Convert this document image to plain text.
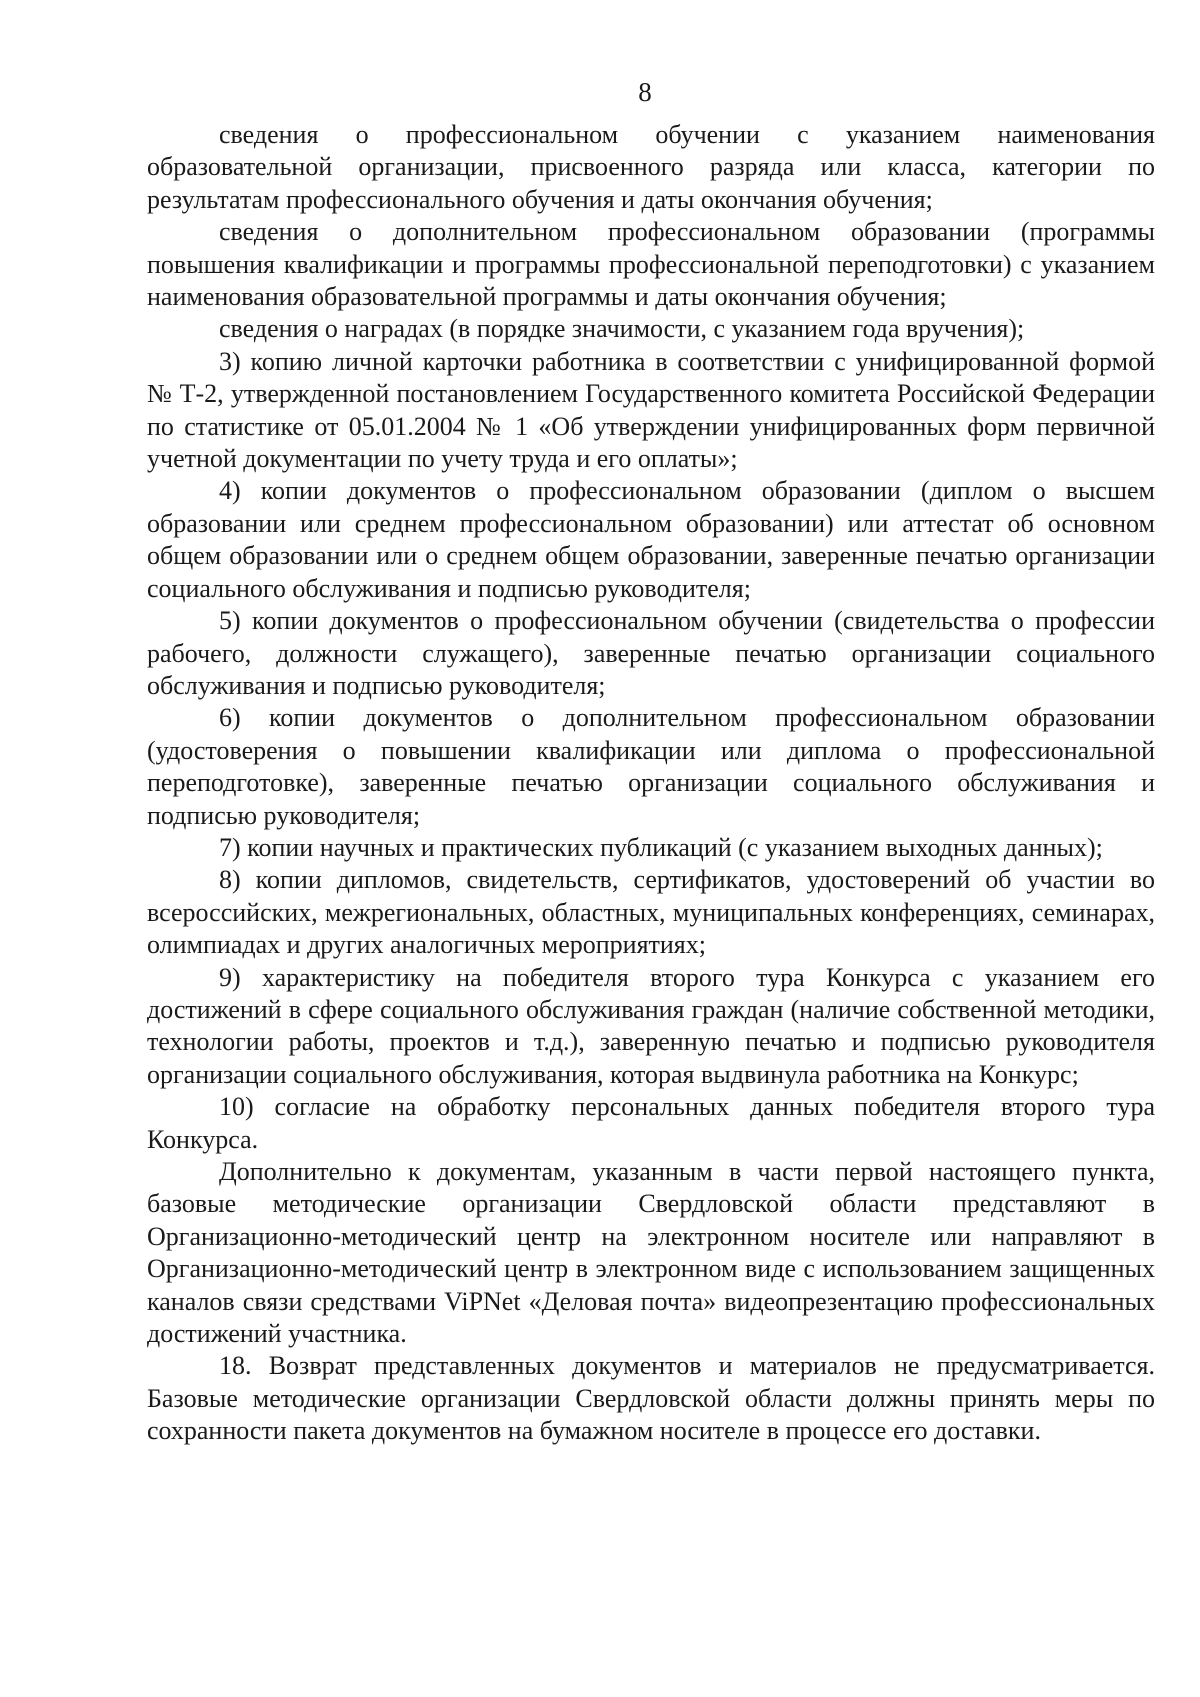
8

сведения о профессиональном обучении с указанием наименования образовательной организации, присвоенного разряда или класса, категории по результатам профессионального обучения и даты окончания обучения;

сведения о дополнительном профессиональном образовании (программы повышения квалификации и программы профессиональной переподготовки) с указанием наименования образовательной программы и даты окончания обучения;

сведения о наградах (в порядке значимости, с указанием года вручения);

3) копию личной карточки работника в соответствии с унифицированной формой № Т-2, утвержденной постановлением Государственного комитета Российской Федерации по статистике от 05.01.2004 № 1 «Об утверждении унифицированных форм первичной учетной документации по учету труда и его оплаты»;

4) копии документов о профессиональном образовании (диплом о высшем образовании или среднем профессиональном образовании) или аттестат об основном общем образовании или о среднем общем образовании, заверенные печатью организации социального обслуживания и подписью руководителя;

5) копии документов о профессиональном обучении (свидетельства о профессии рабочего, должности служащего), заверенные печатью организации социального обслуживания и подписью руководителя;

6) копии документов о дополнительном профессиональном образовании (удостоверения о повышении квалификации или диплома о профессиональной переподготовке), заверенные печатью организации социального обслуживания и подписью руководителя;

7) копии научных и практических публикаций (с указанием выходных данных);

8) копии дипломов, свидетельств, сертификатов, удостоверений об участии во всероссийских, межрегиональных, областных, муниципальных конференциях, семинарах, олимпиадах и других аналогичных мероприятиях;

9) характеристику на победителя второго тура Конкурса с указанием его достижений в сфере социального обслуживания граждан (наличие собственной методики, технологии работы, проектов и т.д.), заверенную печатью и подписью руководителя организации социального обслуживания, которая выдвинула работника на Конкурс;

10) согласие на обработку персональных данных победителя второго тура Конкурса.

Дополнительно к документам, указанным в части первой настоящего пункта, базовые методические организации Свердловской области представляют в Организационно-методический центр на электронном носителе или направляют в Организационно-методический центр в электронном виде с использованием защищенных каналов связи средствами ViPNet «Деловая почта» видеопрезентацию профессиональных достижений участника.

18. Возврат представленных документов и материалов не предусматривается. Базовые методические организации Свердловской области должны принять меры по сохранности пакета документов на бумажном носителе в процессе его доставки.
